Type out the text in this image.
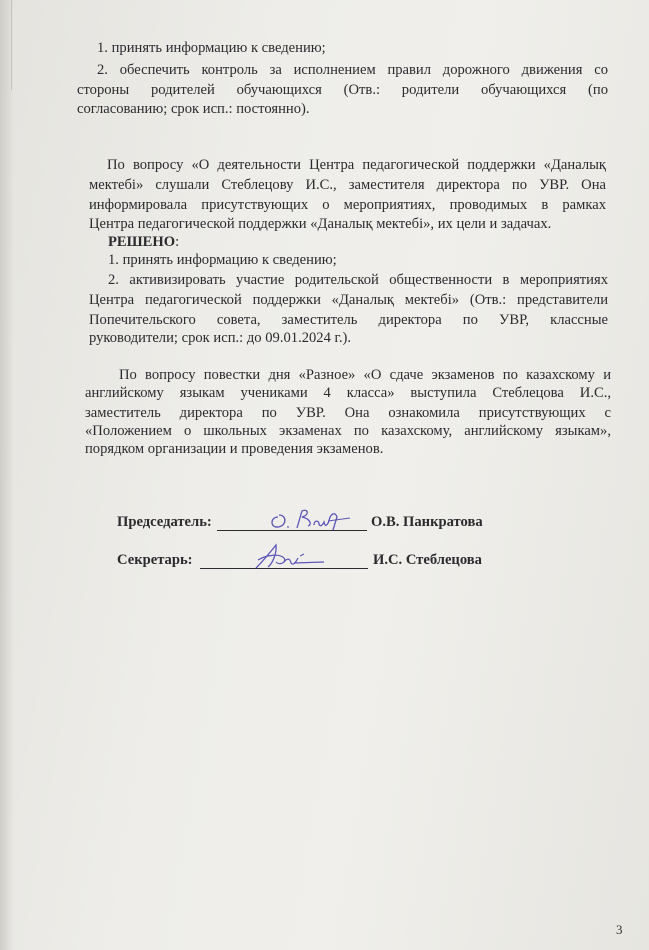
1. принять информацию к сведению;
2. обеспечить контроль за исполнением правил дорожного движения со
стороны родителей обучающихся (Отв.: родители обучающихся (по
согласованию; срок исп.: постоянно).
По вопросу «О деятельности Центра педагогической поддержки «Даналық
мектебі» слушали Стеблецову И.С., заместителя директора по УВР. Она
информировала присутствующих о мероприятиях, проводимых в рамках
Центра педагогической поддержки «Даналық мектебі», их цели и задачах.
РЕШЕНО:
1. принять информацию к сведению;
2. активизировать участие родительской общественности в мероприятиях
Центра педагогической поддержки «Даналық мектебі» (Отв.: представители
Попечительского совета, заместитель директора по УВР, классные
руководители; срок исп.: до 09.01.2024 г.).
По вопросу повестки дня «Разное» «О сдаче экзаменов по казахскому и
английскому языкам учениками 4 класса» выступила Стеблецова И.С.,
заместитель директора по УВР. Она ознакомила присутствующих с
«Положением о школьных экзаменах по казахскому, английскому языкам»,
порядком организации и проведения экзаменов.
Председатель:	О.В. Панкратова
Секретарь:	И.С. Стеблецова
3
